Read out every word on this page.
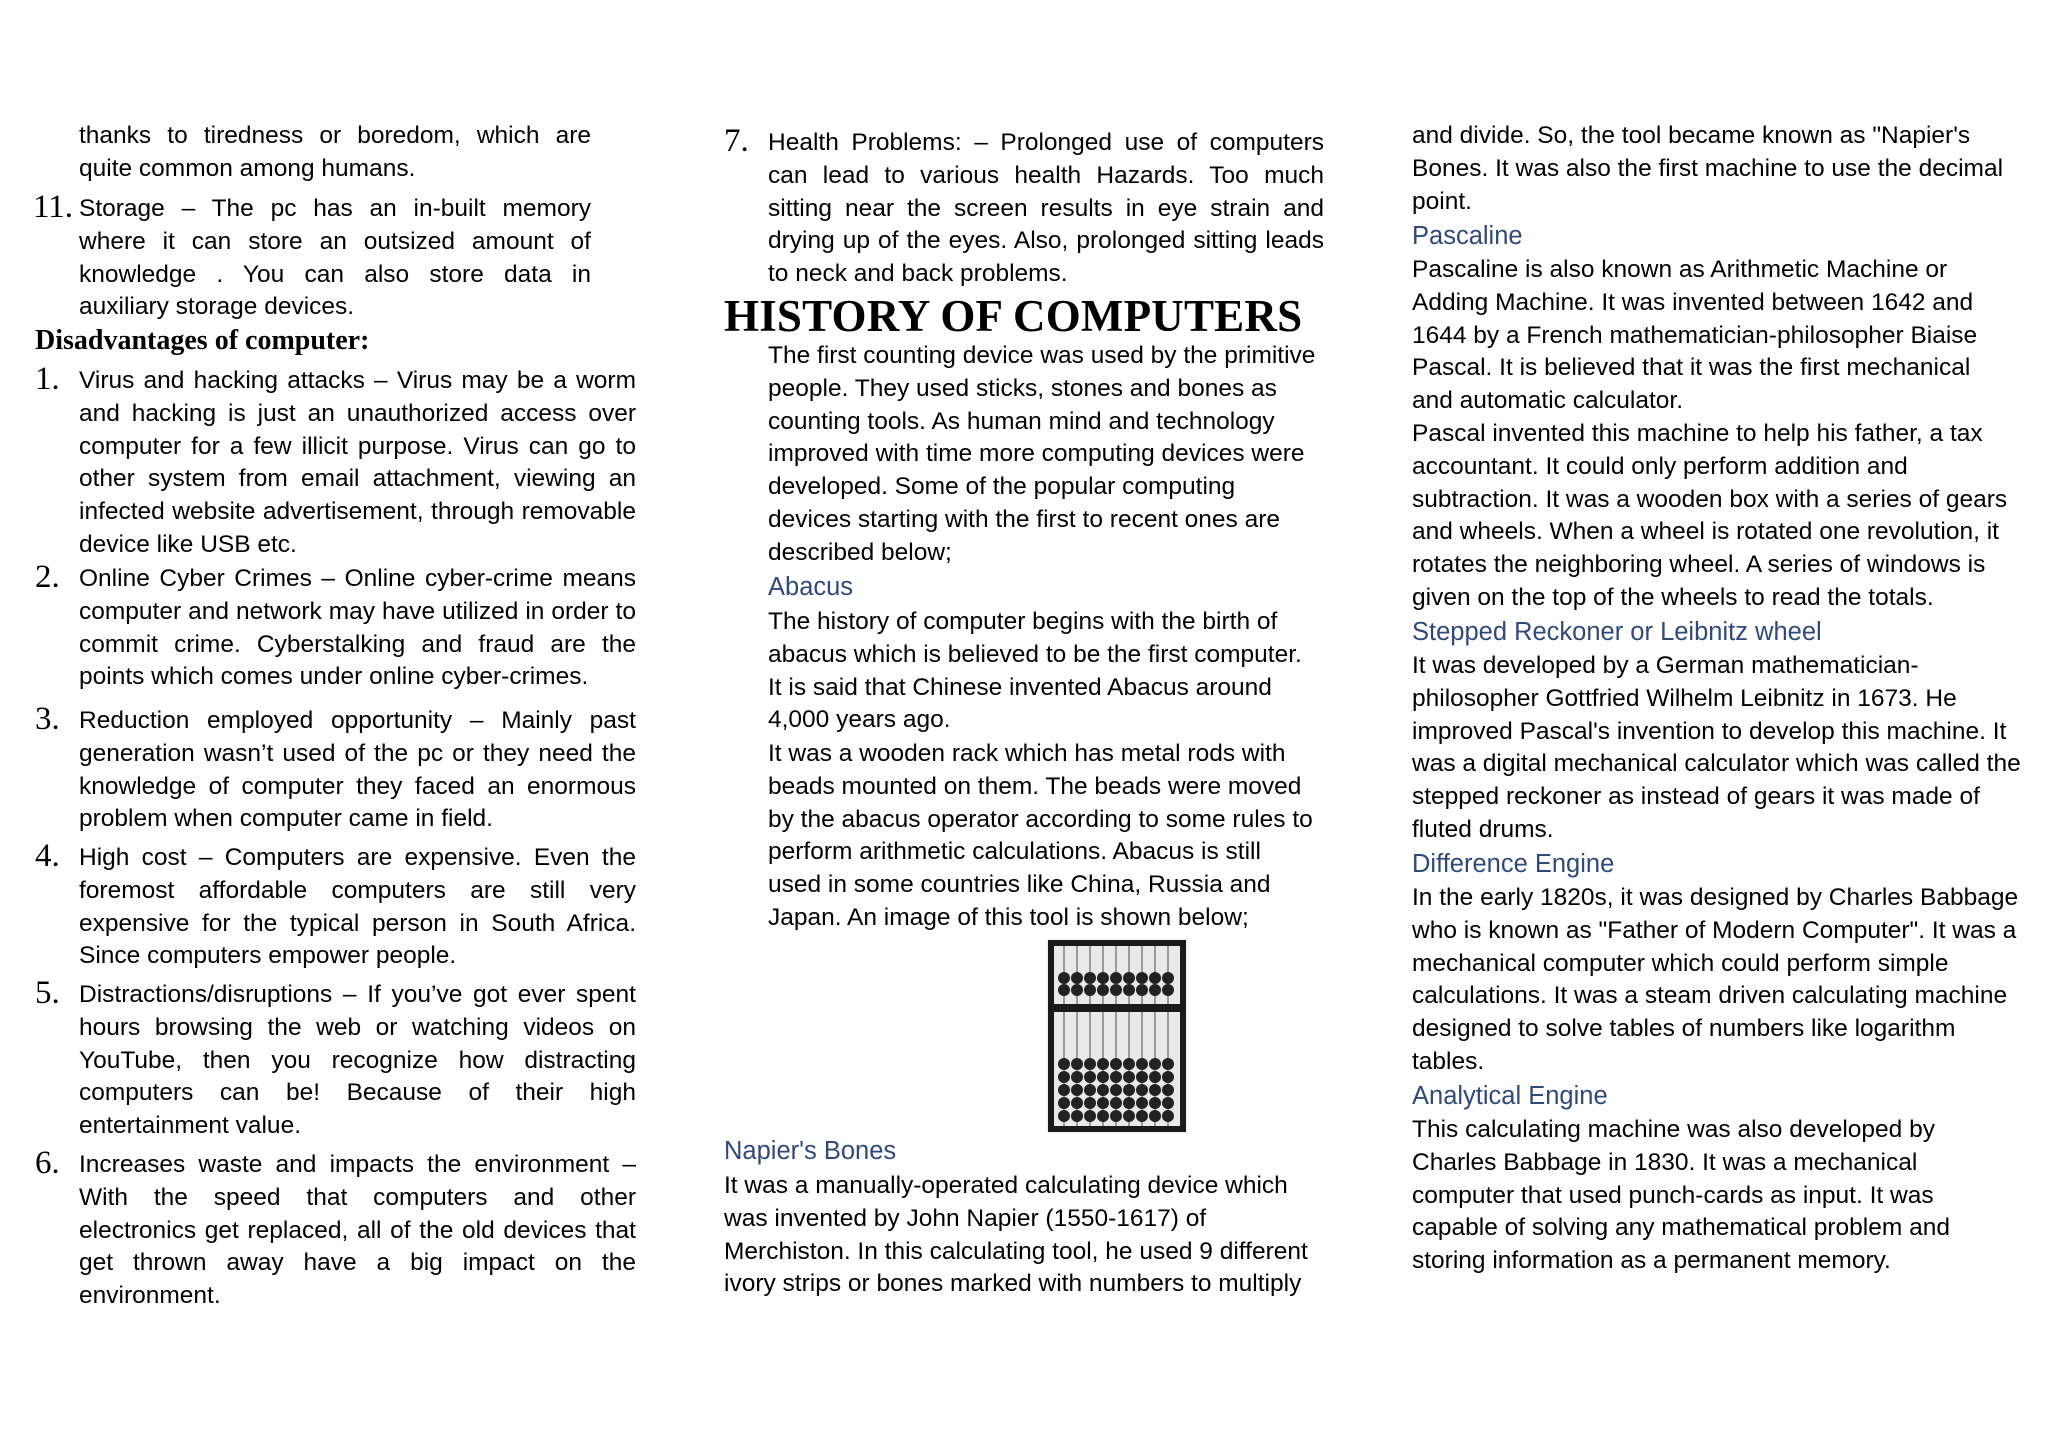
thanks to tiredness or boredom, which are quite common among humans.
11. Storage – The pc has an in-built memory where it can store an outsized amount of knowledge . You can also store data in auxiliary storage devices.
Disadvantages of computer:
1. Virus and hacking attacks – Virus may be a worm and hacking is just an unauthorized access over computer for a few illicit purpose. Virus can go to other system from email attachment, viewing an infected website advertisement, through removable device like USB etc.
2. Online Cyber Crimes – Online cyber-crime means computer and network may have utilized in order to commit crime. Cyberstalking and fraud are the points which comes under online cyber-crimes.
3. Reduction employed opportunity – Mainly past generation wasn’t used of the pc or they need the knowledge of computer they faced an enormous problem when computer came in field.
4. High cost – Computers are expensive. Even the foremost affordable computers are still very expensive for the typical person in South Africa. Since computers empower people.
5. Distractions/disruptions – If you’ve got ever spent hours browsing the web or watching videos on YouTube, then you recognize how distracting computers can be! Because of their high entertainment value.
6. Increases waste and impacts the environment – With the speed that computers and other electronics get replaced, all of the old devices that get thrown away have a big impact on the environment.
7. Health Problems: – Prolonged use of computers can lead to various health Hazards. Too much sitting near the screen results in eye strain and drying up of the eyes. Also, prolonged sitting leads to neck and back problems.
HISTORY OF COMPUTERS
The first counting device was used by the primitive people. They used sticks, stones and bones as counting tools. As human mind and technology improved with time more computing devices were developed. Some of the popular computing devices starting with the first to recent ones are described below;
Abacus
The history of computer begins with the birth of abacus which is believed to be the first computer. It is said that Chinese invented Abacus around 4,000 years ago.
It was a wooden rack which has metal rods with beads mounted on them. The beads were moved by the abacus operator according to some rules to perform arithmetic calculations. Abacus is still used in some countries like China, Russia and Japan. An image of this tool is shown below;
Napier's Bones
It was a manually-operated calculating device which was invented by John Napier (1550-1617) of Merchiston. In this calculating tool, he used 9 different ivory strips or bones marked with numbers to multiply
and divide. So, the tool became known as "Napier's Bones. It was also the first machine to use the decimal point.
Pascaline
Pascaline is also known as Arithmetic Machine or Adding Machine. It was invented between 1642 and 1644 by a French mathematician-philosopher Biaise Pascal. It is believed that it was the first mechanical and automatic calculator.
Pascal invented this machine to help his father, a tax accountant. It could only perform addition and subtraction. It was a wooden box with a series of gears and wheels. When a wheel is rotated one revolution, it rotates the neighboring wheel. A series of windows is given on the top of the wheels to read the totals.
Stepped Reckoner or Leibnitz wheel
It was developed by a German mathematician-philosopher Gottfried Wilhelm Leibnitz in 1673. He improved Pascal's invention to develop this machine. It was a digital mechanical calculator which was called the stepped reckoner as instead of gears it was made of fluted drums.
Difference Engine
In the early 1820s, it was designed by Charles Babbage who is known as "Father of Modern Computer". It was a mechanical computer which could perform simple calculations. It was a steam driven calculating machine designed to solve tables of numbers like logarithm tables.
Analytical Engine
This calculating machine was also developed by Charles Babbage in 1830. It was a mechanical computer that used punch-cards as input. It was capable of solving any mathematical problem and storing information as a permanent memory.
